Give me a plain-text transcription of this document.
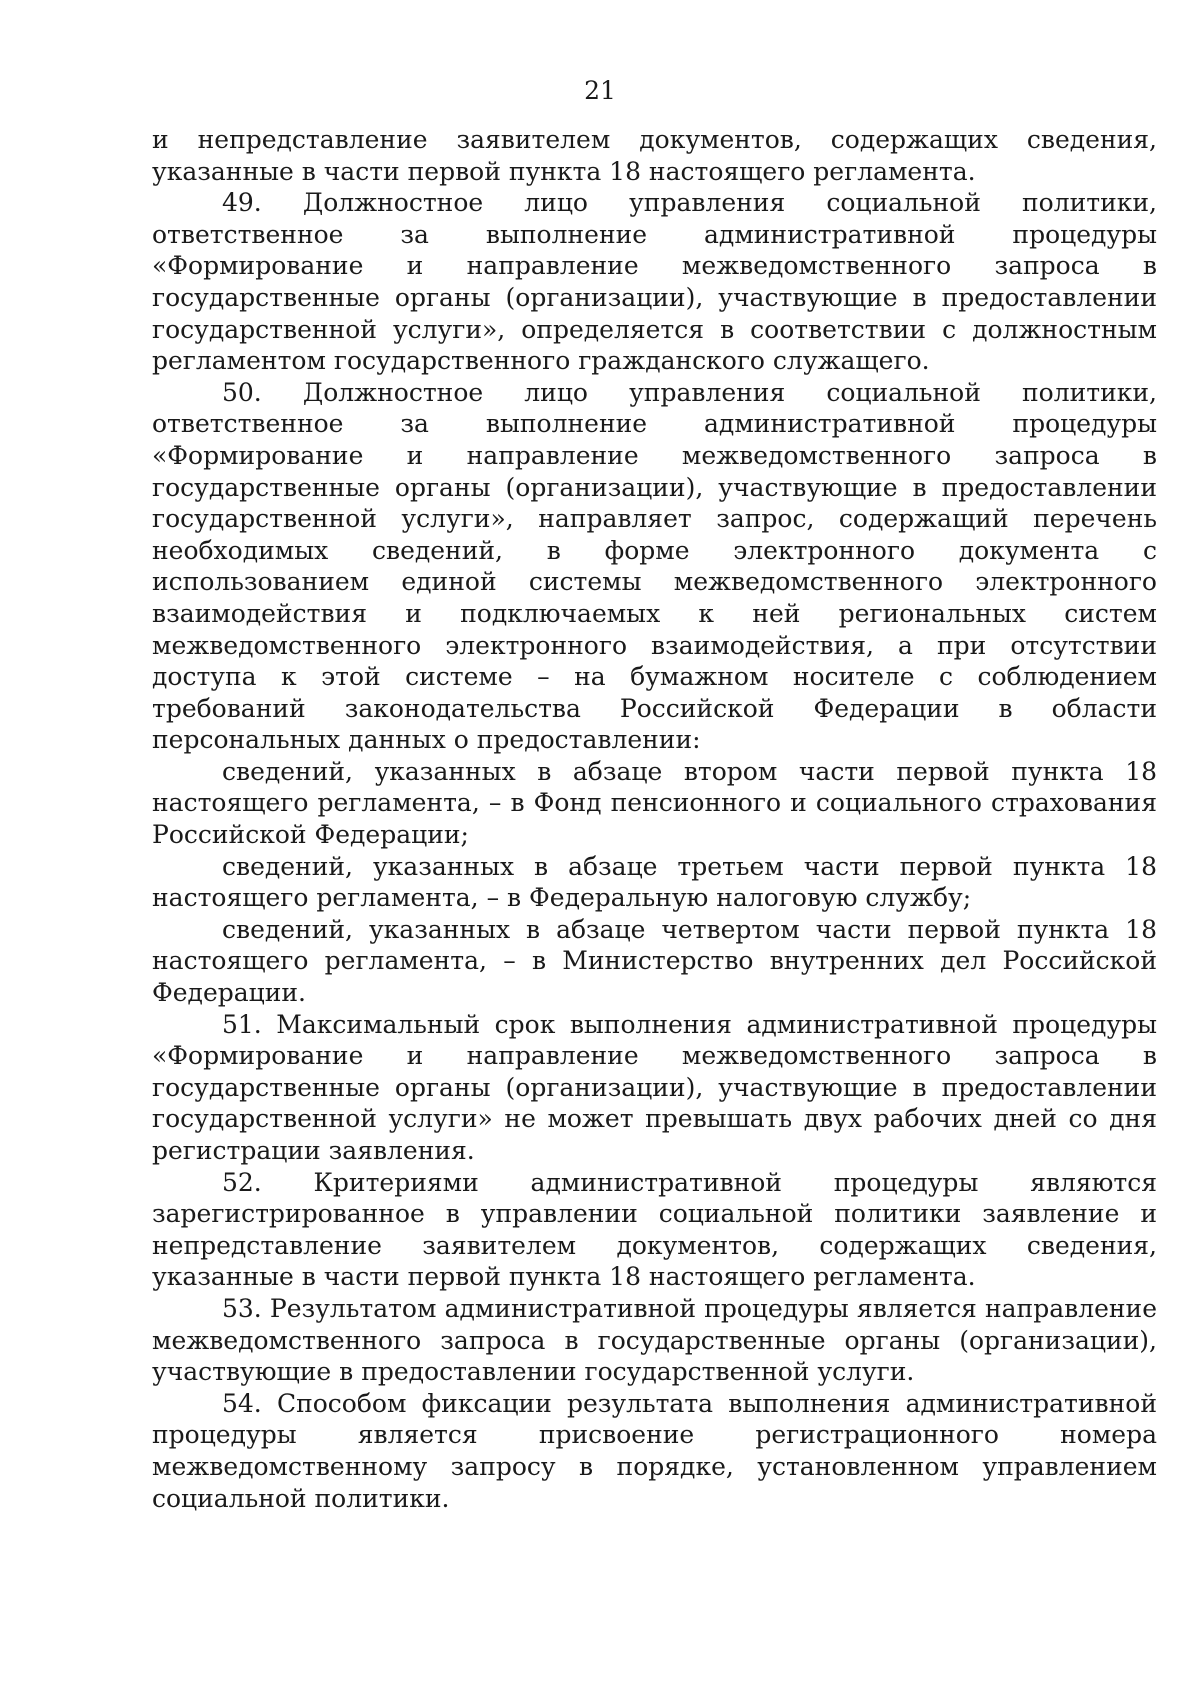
21

и непредставление заявителем документов, содержащих сведения, указанные в части первой пункта 18 настоящего регламента.

49. Должностное лицо управления социальной политики, ответственное за выполнение административной процедуры «Формирование и направление межведомственного запроса в государственные органы (организации), участвующие в предоставлении государственной услуги», определяется в соответствии с должностным регламентом государственного гражданского служащего.

50. Должностное лицо управления социальной политики, ответственное за выполнение административной процедуры «Формирование и направление межведомственного запроса в государственные органы (организации), участвующие в предоставлении государственной услуги», направляет запрос, содержащий перечень необходимых сведений, в форме электронного документа с использованием единой системы межведомственного электронного взаимодействия и подключаемых к ней региональных систем межведомственного электронного взаимодействия, а при отсутствии доступа к этой системе – на бумажном носителе с соблюдением требований законодательства Российской Федерации в области персональных данных о предоставлении:

сведений, указанных в абзаце втором части первой пункта 18 настоящего регламента, – в Фонд пенсионного и социального страхования Российской Федерации;

сведений, указанных в абзаце третьем части первой пункта 18 настоящего регламента, – в Федеральную налоговую службу;

сведений, указанных в абзаце четвертом части первой пункта 18 настоящего регламента, – в Министерство внутренних дел Российской Федерации.

51. Максимальный срок выполнения административной процедуры «Формирование и направление межведомственного запроса в государственные органы (организации), участвующие в предоставлении государственной услуги» не может превышать двух рабочих дней со дня регистрации заявления.

52. Критериями административной процедуры являются зарегистрированное в управлении социальной политики заявление и непредставление заявителем документов, содержащих сведения, указанные в части первой пункта 18 настоящего регламента.

53. Результатом административной процедуры является направление межведомственного запроса в государственные органы (организации), участвующие в предоставлении государственной услуги.

54. Способом фиксации результата выполнения административной процедуры является присвоение регистрационного номера межведомственному запросу в порядке, установленном управлением социальной политики.
